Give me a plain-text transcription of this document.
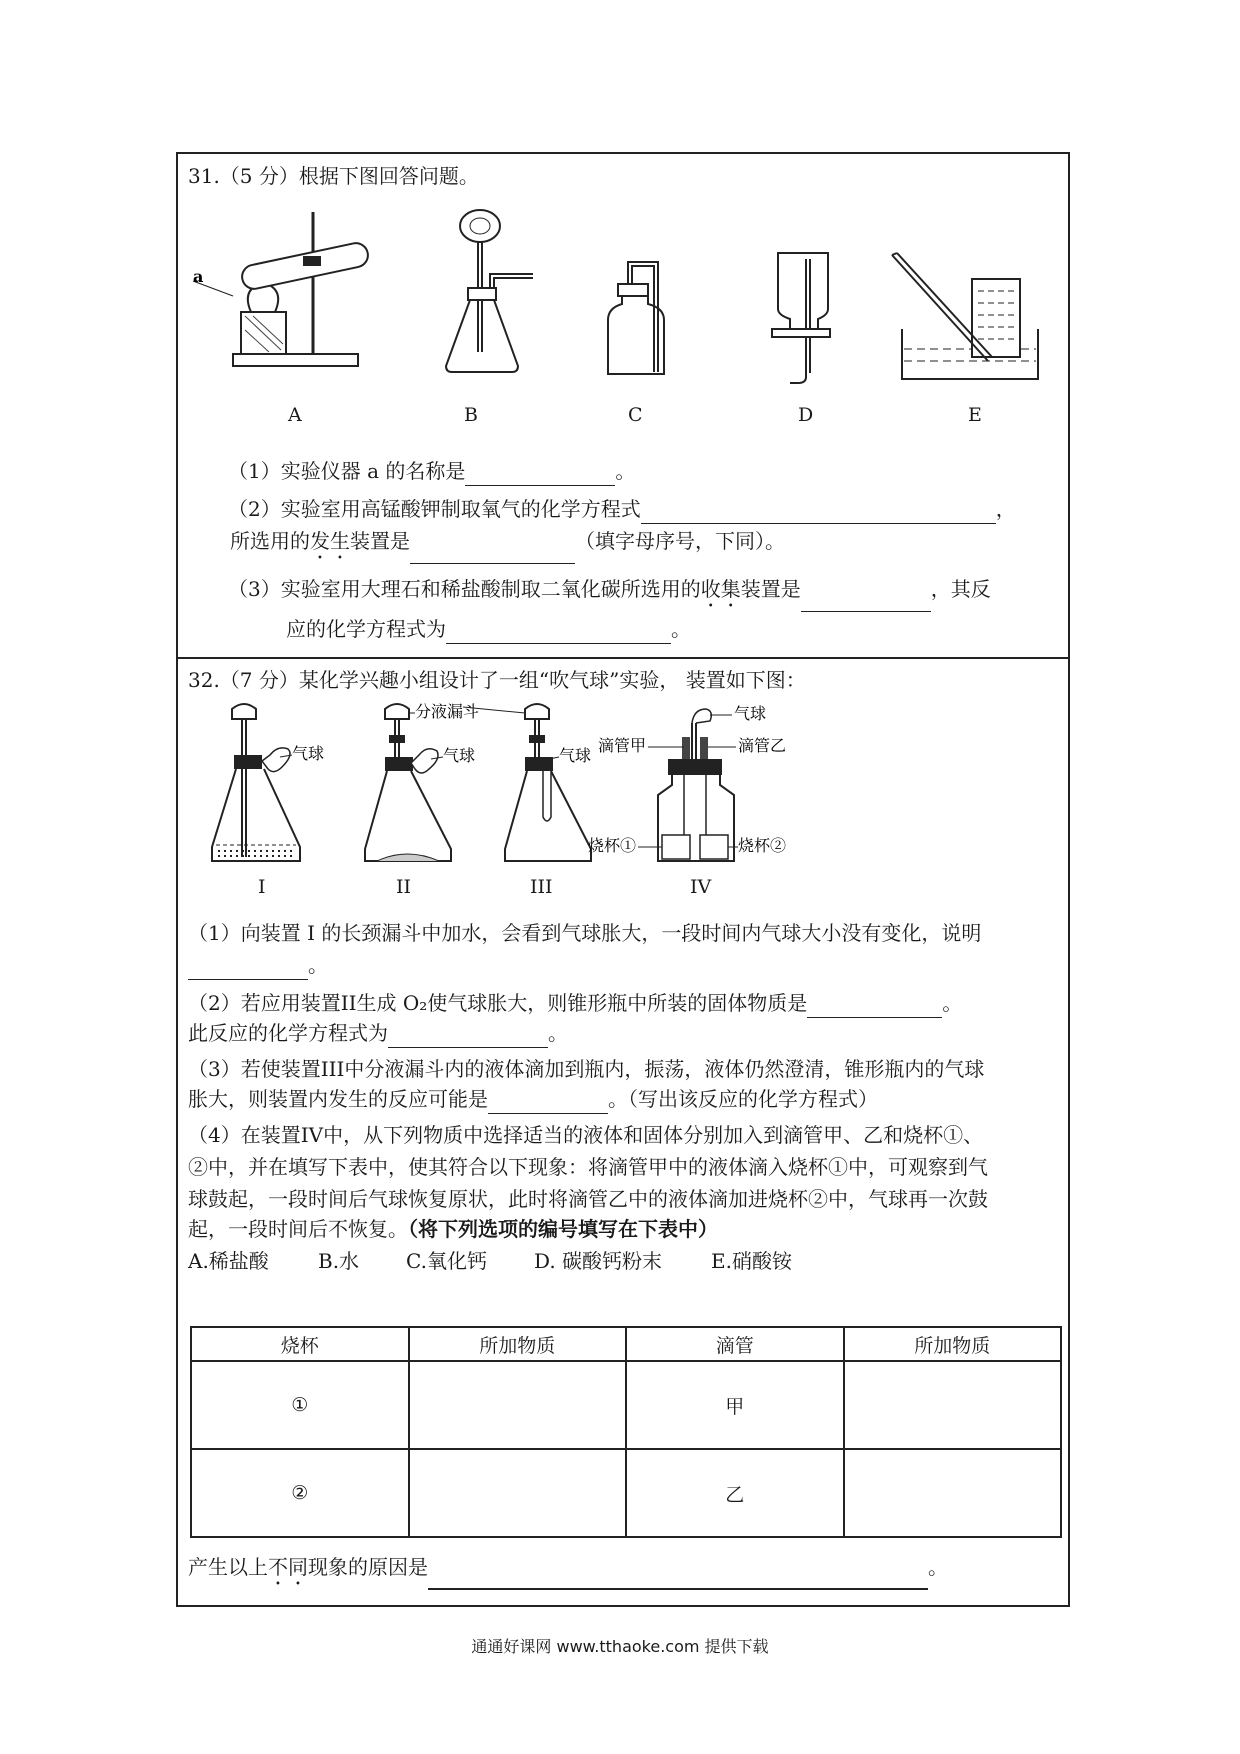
31.（5 分）根据下图回答问题。
a
A	B	C	D	E
（1）实验仪器 a 的名称是	。
（2）实验室用高锰酸钾制取氧气的化学方程式	，
所选用的发生装置是	（填字母序号，下同）。
（3）实验室用大理石和稀盐酸制取二氧化碳所选用的收集装置是	，其反
应的化学方程式为	。
32.（7 分）某化学兴趣小组设计了一组“吹气球”实验， 装置如下图：
气球
I
气球
分液漏斗
II
气球
III
滴管甲	滴管乙
气球
烧杯①	烧杯②
IV
（1）向装置 I 的长颈漏斗中加水，会看到气球胀大，一段时间内气球大小没有变化，说明
。
（2）若应用装置II生成 O₂使气球胀大，则锥形瓶中所装的固体物质是	。
此反应的化学方程式为	。
（3）若使装置III中分液漏斗内的液体滴加到瓶内，振荡，液体仍然澄清，锥形瓶内的气球
胀大，则装置内发生的反应可能是	。（写出该反应的化学方程式）
（4）在装置IV中，从下列物质中选择适当的液体和固体分别加入到滴管甲、乙和烧杯①、
②中，并在填写下表中，使其符合以下现象：将滴管甲中的液体滴入烧杯①中，可观察到气
球鼓起，一段时间后气球恢复原状，此时将滴管乙中的液体滴加进烧杯②中，气球再一次鼓
起，一段时间后不恢复。（将下列选项的编号填写在下表中）
A.稀盐酸 B.水 C.氧化钙 D. 碳酸钙粉末 E.硝酸铵
烧杯	所加物质	滴管	所加物质
①		甲	
②		乙	
产生以上不同现象的原因是	。
通通好课网 www.tthaoke.com 提供下载
